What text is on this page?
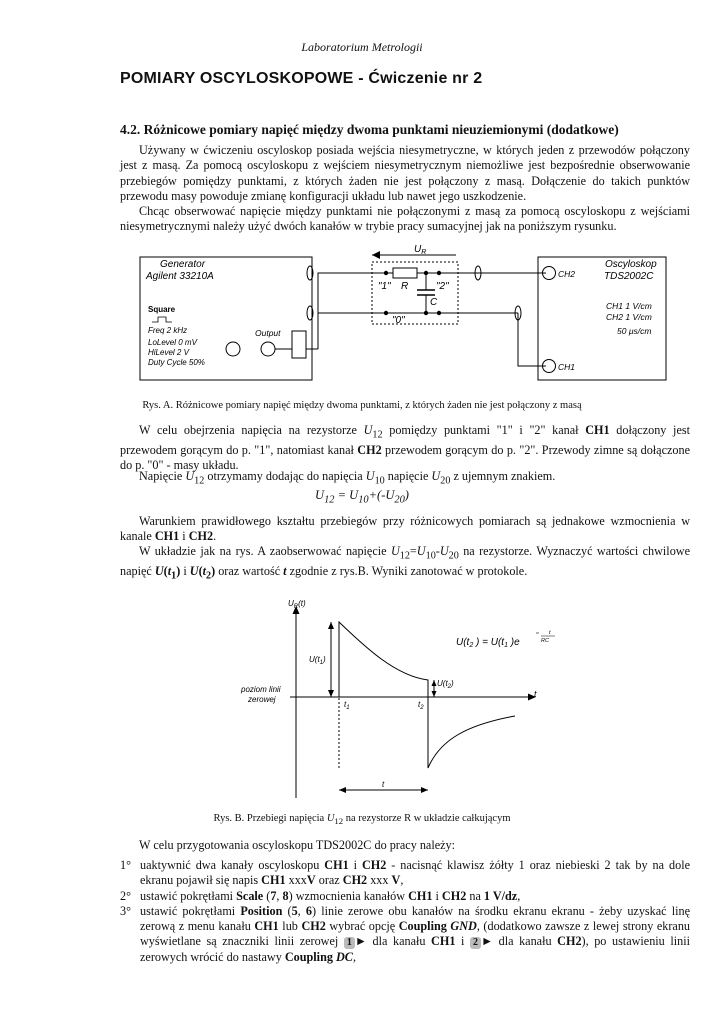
Laboratorium Metrologii
POMIARY OSCYLOSKOPOWE - Ćwiczenie nr 2
4.2. Różnicowe pomiary napięć między dwoma punktami nieuziemionymi (dodatkowe)
Używany w ćwiczeniu oscyloskop posiada wejścia niesymetryczne, w których jeden z przewodów połączony jest z masą. Za pomocą oscyloskopu z wejściem niesymetrycznym niemożliwe jest bezpośrednie obserwowanie przebiegów pomiędzy punktami, z których żaden nie jest połączony z masą. Dołączenie do takich punktów przewodu masy powoduje zmianę konfiguracji układu lub nawet jego uszkodzenie.
Chcąc obserwować napięcie między punktami nie połączonymi z masą za pomocą oscyloskopu z wejściami niesymetrycznymi należy użyć dwóch kanałów w trybie pracy sumacyjnej jak na poniższym rysunku.
Generator
Agilent 33210A
Square
Freq 2 kHz
LoLevel 0 mV
HiLevel 2 V
Duty Cycle 50%
Output
$U_R$
"1" R	"2"
C
"0"
CH2
CH1
Oscyloskop
TDS2002C
CH1 1 V/cm
CH2 1 V/cm
50 μs/cm
Rys. A. Różnicowe pomiary napięć między dwoma punktami, z których żaden nie jest połączony z masą
W celu obejrzenia napięcia na rezystorze $U_{12}$ pomiędzy punktami "1" i "2" kanał CH1 dołączony jest przewodem gorącym do p. "1", natomiast kanał CH2 przewodem gorącym do p. "2". Przewody zimne są dołączone do p. "0" - masy układu.
Napięcie $U_{12}$ otrzymamy dodając do napięcia $U_{10}$ napięcie $U_{20}$ z ujemnym znakiem.
$U_{12} = U_{10}+(-U_{20})$
Warunkiem prawidłowego kształtu przebiegów przy różnicowych pomiarach są jednakowe wzmocnienia w kanale CH1 i CH2.
W układzie jak na rys. A zaobserwować napięcie $U_{12}=U_{10}-U_{20}$ na rezystorze. Wyznaczyć wartości chwilowe napięć $U(t_1)$ i $U(t_2)$ oraz wartość t zgodnie z rys.B. Wyniki zanotować w protokole.
$U_R(t)$
t
$U(t_1)$
$U(t_2)$
$t_1$	$t_2$
t
poziom linii
zerowej
$U(t_2$ ) = $U(t_1$ )e
t
RC
Rys. B. Przebiegi napięcia $U_{12}$ na rezystorze R w układzie całkującym
W celu przygotowania oscyloskopu TDS2002C do pracy należy:
1° uaktywnić dwa kanały oscyloskopu CH1 i CH2 - nacisnąć klawisz żółty 1 oraz niebieski 2 tak by na dole ekranu pojawił się napis CH1 xxxV oraz CH2 xxx V,
2° ustawić pokrętłami Scale (7, 8) wzmocnienia kanałów CH1 i CH2 na 1 V/dz,
3° ustawić pokrętłami Position (5, 6) linie zerowe obu kanałów na środku ekranu ekranu - żeby uzyskać linę zerową z menu kanału CH1 lub CH2 wybrać opcję Coupling GND, (dodatkowo zawsze z lewej strony ekranu wyświetlane są znaczniki linii zerowej 1 ► dla kanału CH1 i 2 ► dla kanału CH2), po ustawieniu linii zerowych wrócić do nastawy Coupling DC,
